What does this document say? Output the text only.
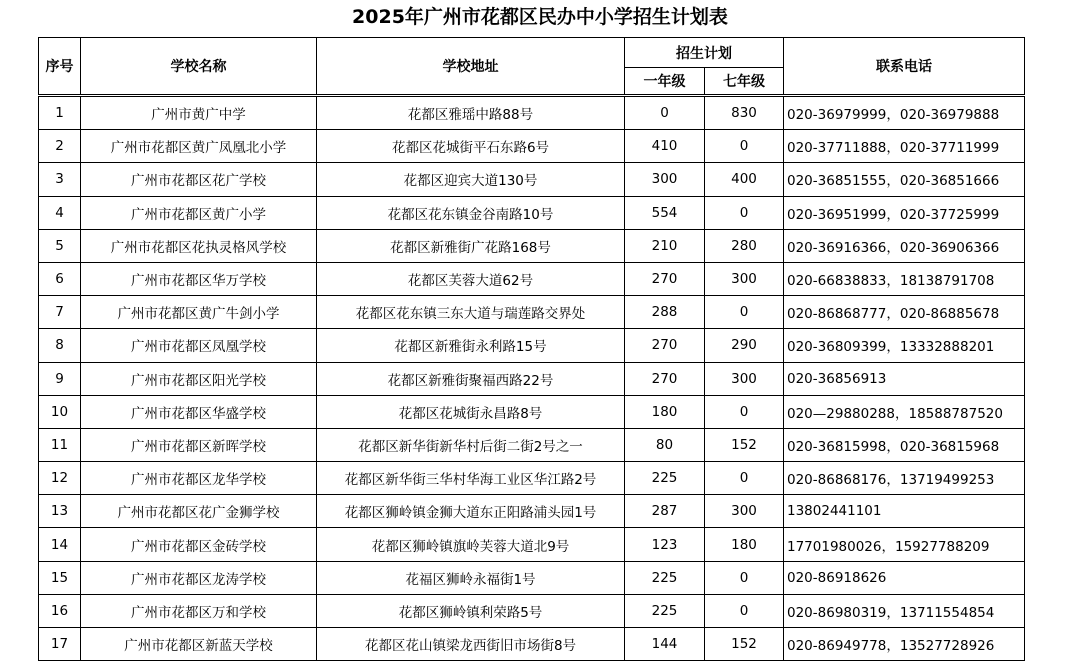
2025年广州市花都区民办中小学招生计划表
序号	学校名称	学校地址	招生计划		联系电话
			一年级	七年级	
1	广州市黄广中学	花都区雅瑶中路88号	0	830	020-36979999，020-36979888
2	广州市花都区黄广凤凰北小学	花都区花城街平石东路6号	410	0	020-37711888，020-37711999
3	广州市花都区花广学校	花都区迎宾大道130号	300	400	020-36851555，020-36851666
4	广州市花都区黄广小学	花都区花东镇金谷南路10号	554	0	020-36951999，020-37725999
5	广州市花都区花执灵格风学校	花都区新雅街广花路168号	210	280	020-36916366，020-36906366
6	广州市花都区华万学校	花都区芙蓉大道62号	270	300	020-66838833，18138791708
7	广州市花都区黄广牛剑小学	花都区花东镇三东大道与瑞莲路交界处	288	0	020-86868777，020-86885678
8	广州市花都区凤凰学校	花都区新雅街永利路15号	270	290	020-36809399，13332888201
9	广州市花都区阳光学校	花都区新雅街聚福西路22号	270	300	020-36856913
10	广州市花都区华盛学校	花都区花城街永昌路8号	180	0	020—29880288，18588787520
11	广州市花都区新晖学校	花都区新华街新华村后街二街2号之一	80	152	020-36815998，020-36815968
12	广州市花都区龙华学校	花都区新华街三华村华海工业区华江路2号	225	0	020-86868176，13719499253
13	广州市花都区花广金狮学校	花都区狮岭镇金狮大道东正阳路浦头园1号	287	300	13802441101
14	广州市花都区金砖学校	花都区狮岭镇旗岭芙蓉大道北9号	123	180	17701980026，15927788209
15	广州市花都区龙涛学校	花福区狮岭永福街1号	225	0	020-86918626
16	广州市花都区万和学校	花都区狮岭镇利荣路5号	225	0	020-86980319，13711554854
17	广州市花都区新蓝天学校	花都区花山镇梁龙西街旧市场街8号	144	152	020-86949778，13527728926
